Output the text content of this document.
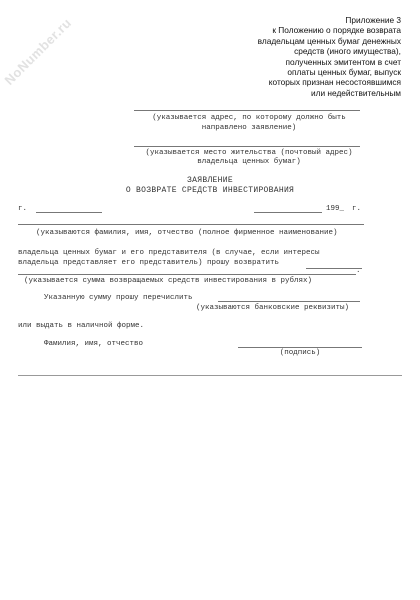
NoNumber.ru	Приложение 3
к Положению о порядке возврата
владельцам ценных бумаг денежных
средств (иного имущества),
полученных эмитентом в счет
оплаты ценных бумаг, выпуск
которых признан несостоявшимся
или недействительным
(указывается адрес, по которому должно быть
направлено заявление)
(указывается место жительства (почтовый адрес)
владельца ценных бумаг)
ЗАЯВЛЕНИЕ
О ВОЗВРАТЕ СРЕДСТВ ИНВЕСТИРОВАНИЯ
г.	199_ г.
(указываются фамилия, имя, отчество (полное фирменное наименование)
владельца ценных бумаг и его представителя (в случае, если интересы
владельца представляет его представитель) прошу возвратить
.
(указывается сумма возвращаемых средств инвестирования в рублях)
Указанную сумму прошу перечислить
(указываются банковские реквизиты)
или выдать в наличной форме.
Фамилия, имя, отчество
(подпись)
